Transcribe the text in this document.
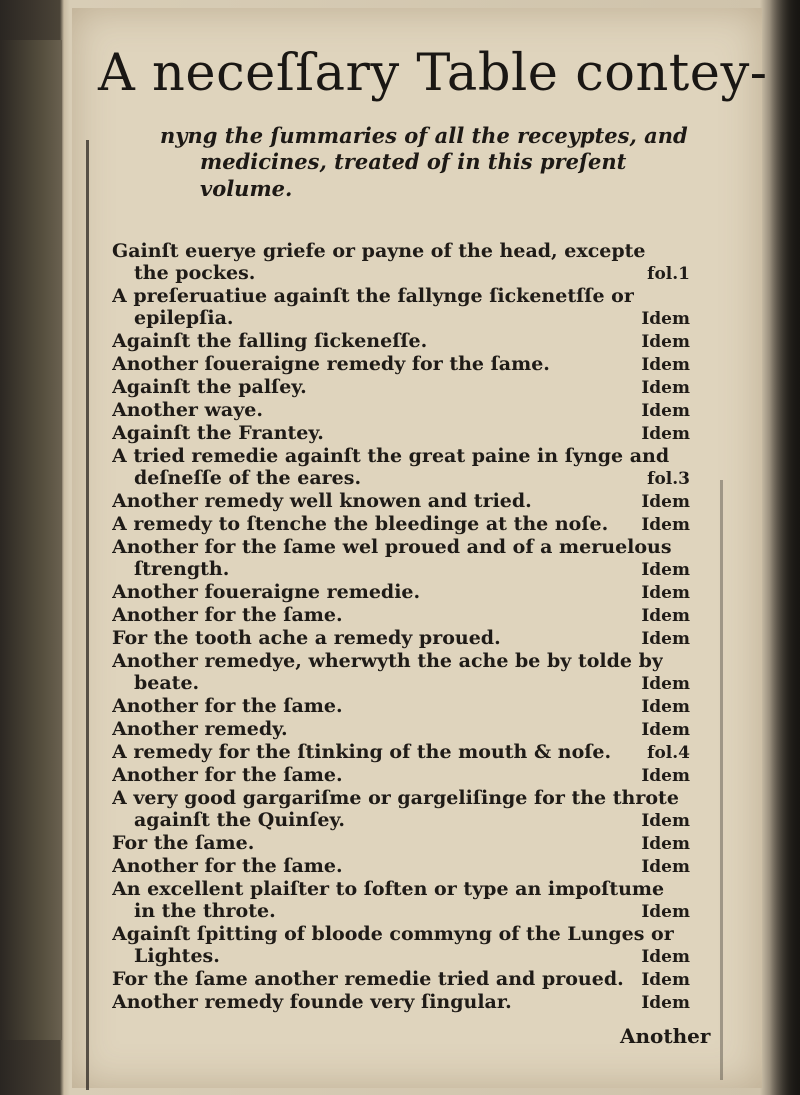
A neceſſary Table contey-
nyng the ſummaries of all the receyptes, and
medicines, treated of in this preſent
volume.
Gainſt euerye griefe or payne of the head, excepte
the pockes.	fol.1
A preſeruatiue againſt the fallynge ſickenetſſe or
epilepſia.	Idem
Againſt the falling ſickeneſſe.	Idem
Another ſoueraigne remedy for the ſame.	Idem
Againſt the palſey.	Idem
Another waye.	Idem
Againſt the Frantey.	Idem
A tried remedie againſt the great paine in ſynge and
deſneſſe of the eares.	fol.3
Another remedy well knowen and tried.	Idem
A remedy to ſtenche the bleedinge at the noſe.	Idem
Another for the ſame wel proued and of a meruelous
ſtrength.	Idem
Another foueraigne remedie.	Idem
Another for the ſame.	Idem
For the tooth ache a remedy proued.	Idem
Another remedye, wherwyth the ache be by tolde by
beate.	Idem
Another for the ſame.	Idem
Another remedy.	Idem
A remedy for the ſtinking of the mouth & noſe.	fol.4
Another for the ſame.	Idem
A very good gargariſme or gargeliſinge for the throte
againſt the Quinſey.	Idem
For the ſame.	Idem
Another for the ſame.	Idem
An excellent plaiſter to ſoften or type an impoſtume
in the throte.	Idem
Againſt ſpitting of bloode commyng of the Lunges or
Lightes.	Idem
For the ſame another remedie tried and proued.	Idem
Another remedy founde very ſingular.	Idem
Another
